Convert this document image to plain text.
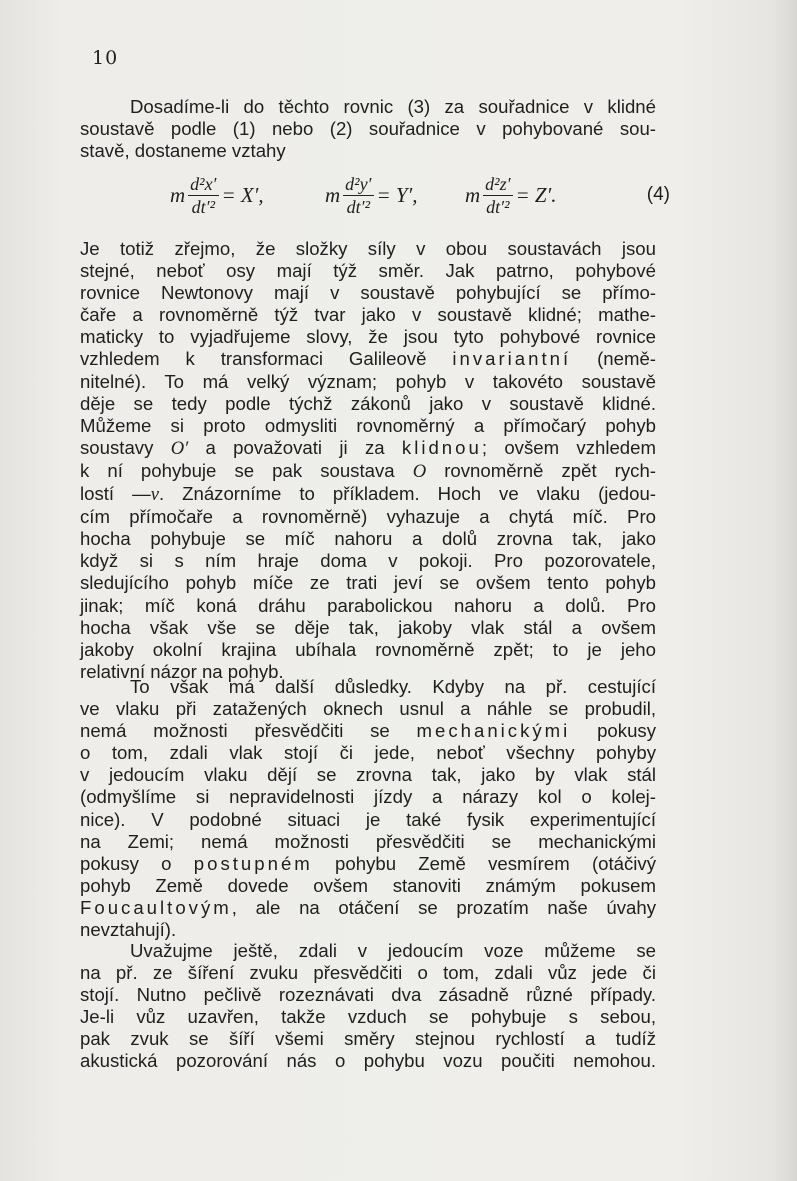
10
Dosadíme-li do těchto rovnic (3) za souřadnice v klidné
soustavě podle (1) nebo (2) souřadnice v pohybované sou-
stavě, dostaneme vztahy
m $\frac{\text{d²x′}}{\text{dt′²}} = X'$,	m $\frac{\text{d²y′}}{\text{dt′²}} = Y'$, m $\frac{\text{d²z′}}{\text{dt′²}} = Z'$.	(4)
Je totiž zřejmo, že složky síly v obou soustavách jsou
stejné, neboť osy mají týž směr. Jak patrno, pohybové
rovnice Newtonovy mají v soustavě pohybující se přímo-
čaře a rovnoměrně týž tvar jako v soustavě klidné; mathe-
maticky to vyjadřujeme slovy, že jsou tyto pohybové rovnice
vzhledem k transformaci Galileově invariantní (nemě-
nitelné). To má velký význam; pohyb v takovéto soustavě
děje se tedy podle týchž zákonů jako v soustavě klidné.
Můžeme si proto odmysliti rovnoměrný a přímočarý pohyb
soustavy O′ a považovati ji za klidnou; ovšem vzhledem
k ní pohybuje se pak soustava O rovnoměrně zpět rych-
lostí —v. Znázorníme to příkladem. Hoch ve vlaku (jedou-
cím přímočaře a rovnoměrně) vyhazuje a chytá míč. Pro
hocha pohybuje se míč nahoru a dolů zrovna tak, jako
když si s ním hraje doma v pokoji. Pro pozorovatele,
sledujícího pohyb míče ze trati jeví se ovšem tento pohyb
jinak; míč koná dráhu parabolickou nahoru a dolů. Pro
hocha však vše se děje tak, jakoby vlak stál a ovšem
jakoby okolní krajina ubíhala rovnoměrně zpět; to je jeho
relativní názor na pohyb.
To však má další důsledky. Kdyby na př. cestující
ve vlaku při zatažených oknech usnul a náhle se probudil,
nemá možnosti přesvědčiti se mechanickými pokusy
o tom, zdali vlak stojí či jede, neboť všechny pohyby
v jedoucím vlaku dějí se zrovna tak, jako by vlak stál
(odmyšlíme si nepravidelnosti jízdy a nárazy kol o kolej-
nice). V podobné situaci je také fysik experimentující
na Zemi; nemá možnosti přesvědčiti se mechanickými
pokusy o postupném pohybu Země vesmírem (otáčivý
pohyb Země dovede ovšem stanoviti známým pokusem
Foucaultovým, ale na otáčení se prozatím naše úvahy
nevztahují).
Uvažujme ještě, zdali v jedoucím voze můžeme se
na př. ze šíření zvuku přesvědčiti o tom, zdali vůz jede či
stojí. Nutno pečlivě rozeznávati dva zásadně různé případy.
Je-li vůz uzavřen, takže vzduch se pohybuje s sebou,
pak zvuk se šíří všemi směry stejnou rychlostí a tudíž
akustická pozorování nás o pohybu vozu poučiti nemohou.
